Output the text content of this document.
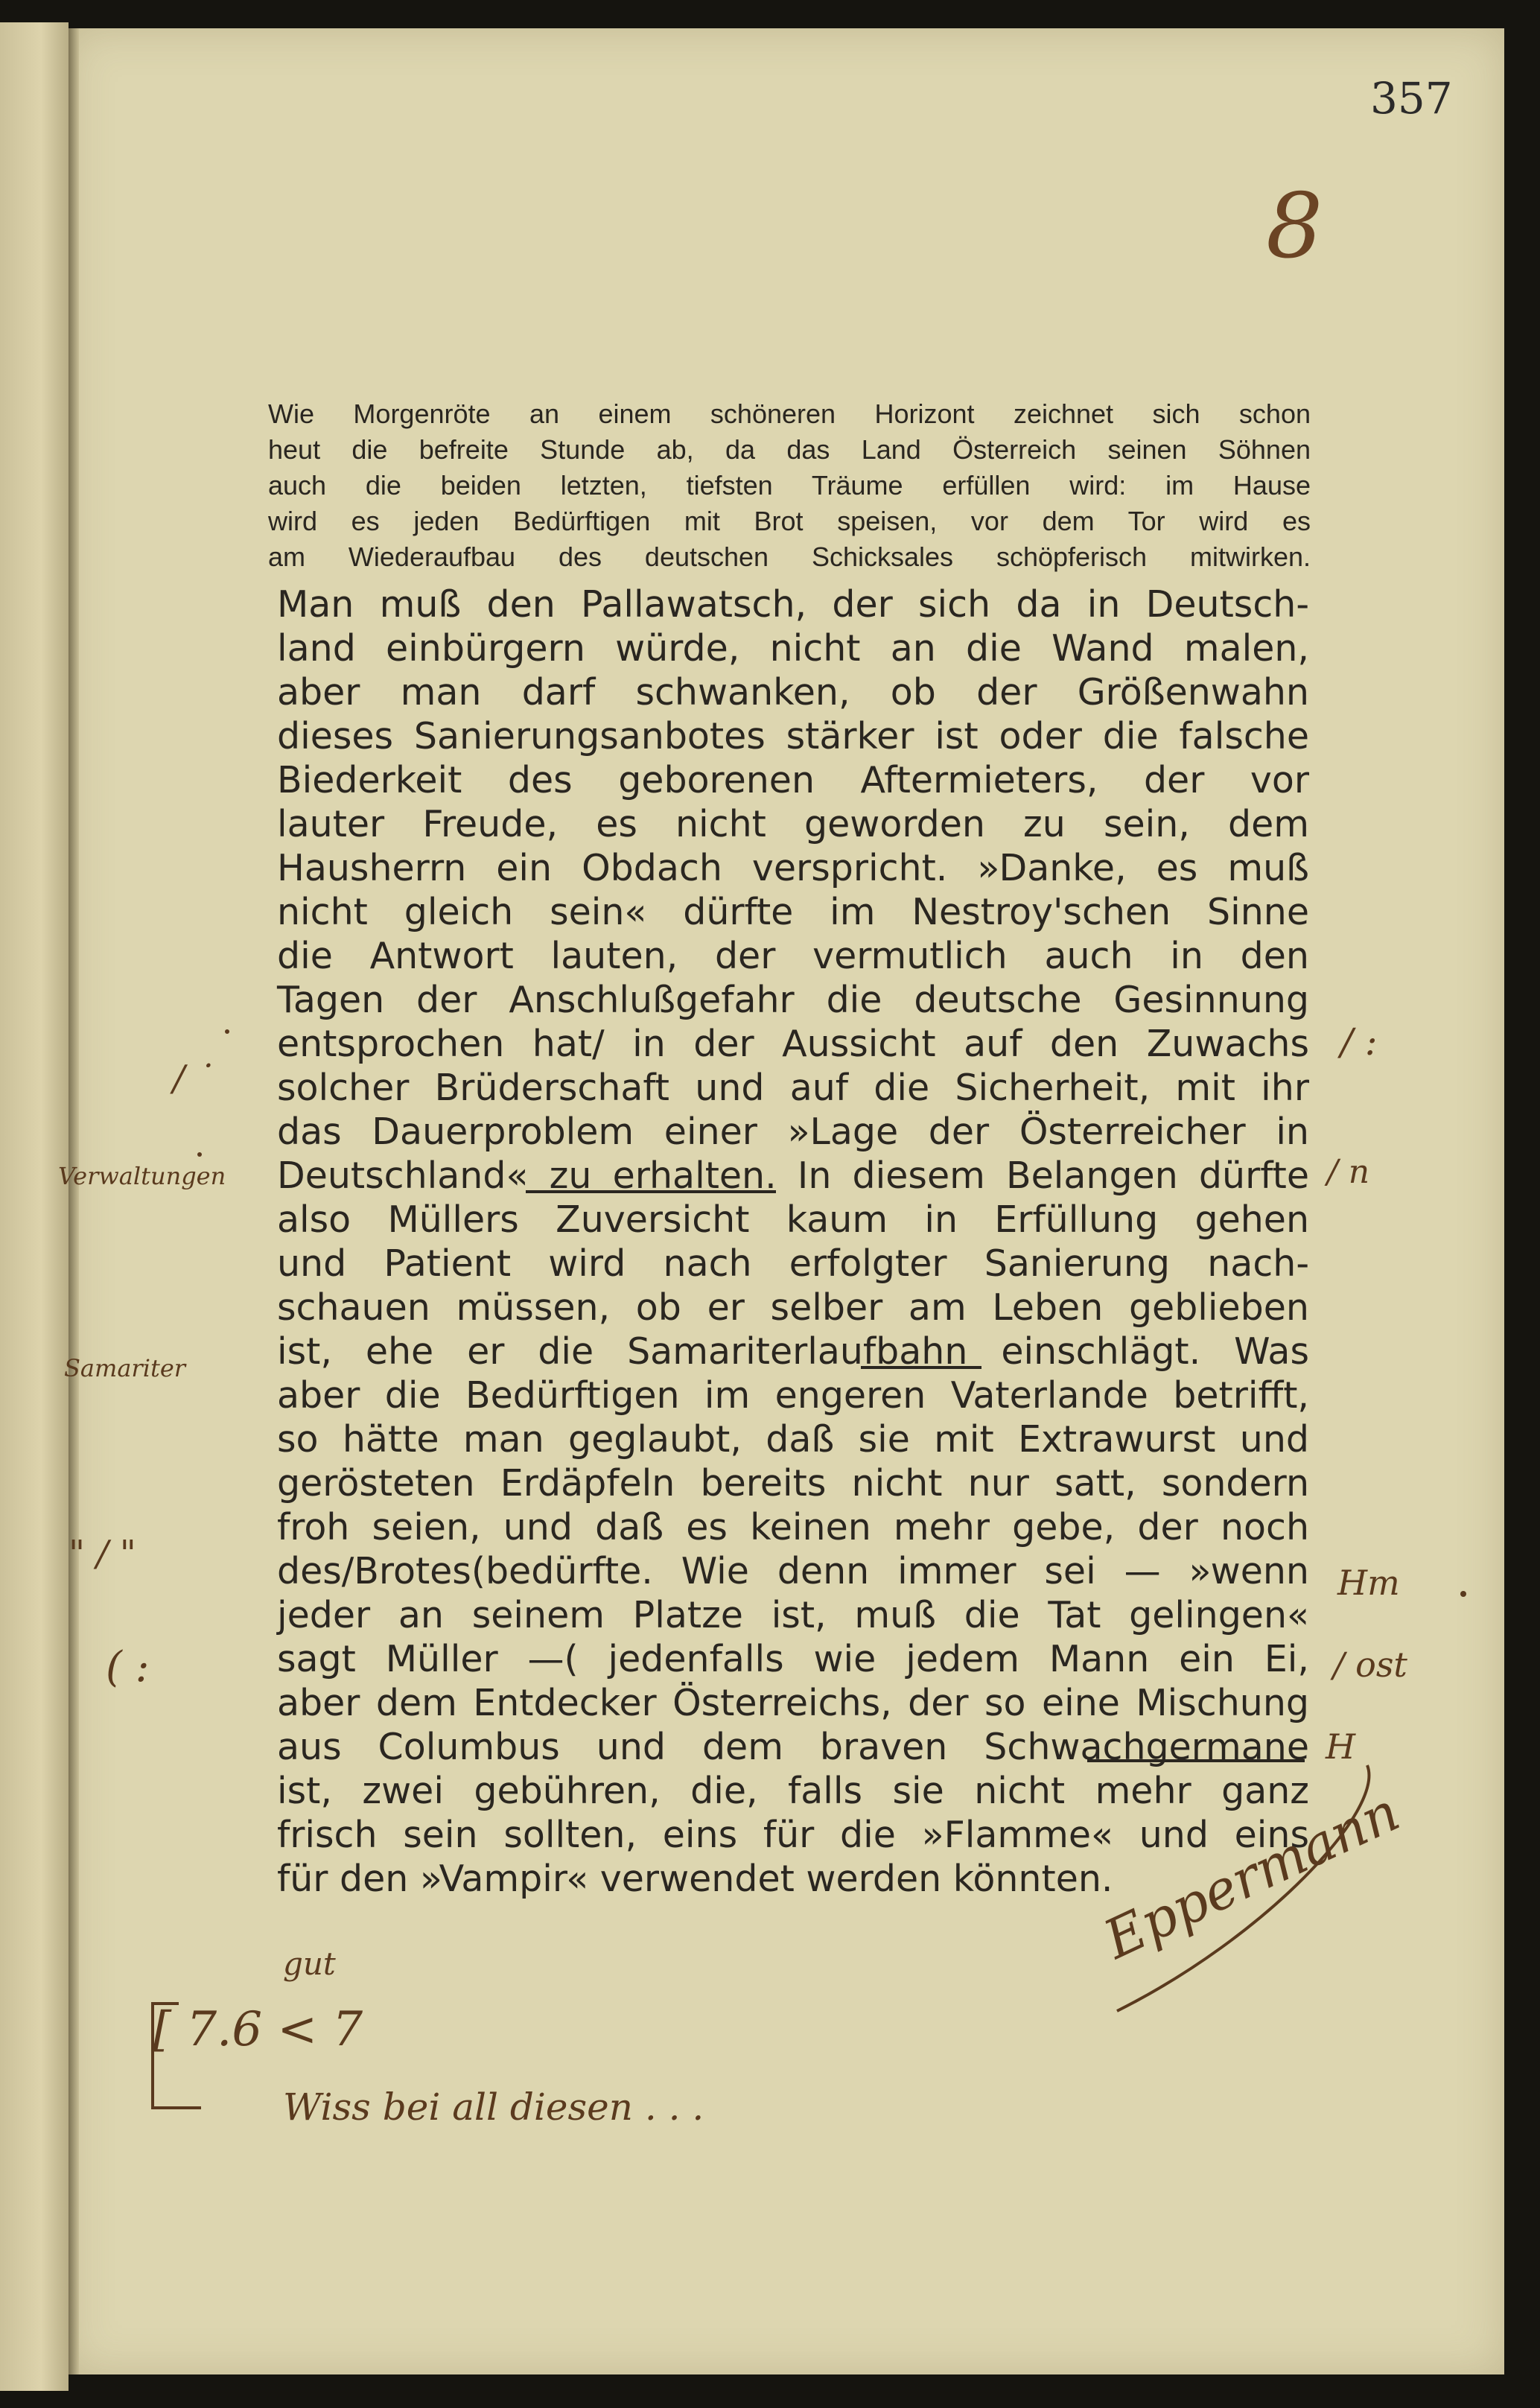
357
8
Wie Morgenröte an einem schöneren Horizont zeichnet sich schon
heut die befreite Stunde ab, da das Land Österreich seinen Söhnen
auch die beiden letzten, tiefsten Träume erfüllen wird: im Hause
wird es jeden Bedürftigen mit Brot speisen, vor dem Tor wird es
am Wiederaufbau des deutschen Schicksales schöpferisch mitwirken.
Man muß den Pallawatsch, der sich da in Deutsch-
land einbürgern würde, nicht an die Wand malen,
aber man darf schwanken, ob der Größenwahn
dieses Sanierungsanbotes stärker ist oder die falsche
Biederkeit des geborenen Aftermieters, der vor
lauter Freude, es nicht geworden zu sein, dem
Hausherrn ein Obdach verspricht. »Danke, es muß
nicht gleich sein« dürfte im Nestroy'schen Sinne
die Antwort lauten, der vermutlich auch in den
Tagen der Anschlußgefahr die deutsche Gesinnung
entsprochen hat/ in der Aussicht auf den Zuwachs
solcher Brüderschaft und auf die Sicherheit, mit ihr
das Dauerproblem einer »Lage der Österreicher in
Deutschland« zu erhalten. In diesem Belangen dürfte
also Müllers Zuversicht kaum in Erfüllung gehen
und Patient wird nach erfolgter Sanierung nach-
schauen müssen, ob er selber am Leben geblieben
ist, ehe er die Samariterlaufbahn einschlägt. Was
aber die Bedürftigen im engeren Vaterlande betrifft,
so hätte man geglaubt, daß sie mit Extrawurst und
gerösteten Erdäpfeln bereits nicht nur satt, sondern
froh seien, und daß es keinen mehr gebe, der noch
des/Brotes(bedürfte. Wie denn immer sei — »wenn
jeder an seinem Platze ist, muß die Tat gelingen«
sagt Müller —( jedenfalls wie jedem Mann ein Ei,
aber dem Entdecker Österreichs, der so eine Mischung
aus Columbus und dem braven Schwachgermane
ist, zwei gebühren, die, falls sie nicht mehr ganz
frisch sein sollten, eins für die »Flamme« und eins
für den »Vampir« verwendet werden könnten.
/ ˙
Verwaltungen
Samariter
" / "
( :
/ :
/ n
Hm
/ ost
H
gut
[ 7.6 < 7
Wiss bei all diesen . . .
Eppermann
